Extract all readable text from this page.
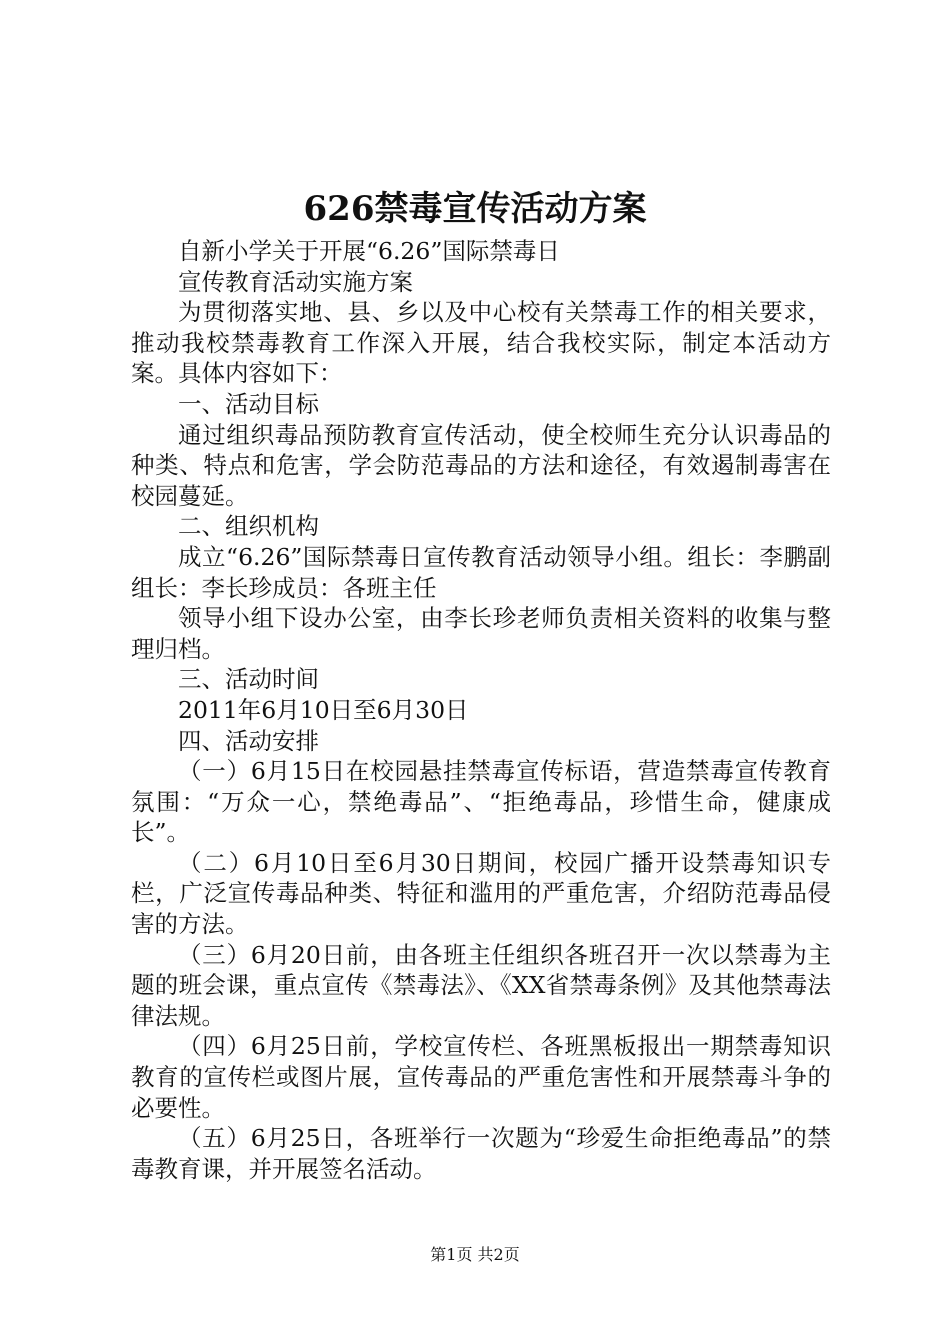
626禁毒宣传活动方案

自新小学关于开展“6.26”国际禁毒日

宣传教育活动实施方案

为贯彻落实地、县、乡以及中心校有关禁毒工作的相关要求，推动我校禁毒教育工作深入开展，结合我校实际，制定本活动方案。具体内容如下：

一、活动目标

通过组织毒品预防教育宣传活动，使全校师生充分认识毒品的种类、特点和危害，学会防范毒品的方法和途径，有效遏制毒害在校园蔓延。

二、组织机构

成立“6.26”国际禁毒日宣传教育活动领导小组。组长：李鹏副组长：李长珍成员：各班主任

领导小组下设办公室，由李长珍老师负责相关资料的收集与整理归档。

三、活动时间

2011年6月10日至6月30日

四、活动安排

（一）6月15日在校园悬挂禁毒宣传标语，营造禁毒宣传教育氛围：“万众一心，禁绝毒品”、“拒绝毒品，珍惜生命，健康成长”。

（二）6月10日至6月30日期间，校园广播开设禁毒知识专栏，广泛宣传毒品种类、特征和滥用的严重危害，介绍防范毒品侵害的方法。

（三）6月20日前，由各班主任组织各班召开一次以禁毒为主题的班会课，重点宣传《禁毒法》、《XX省禁毒条例》及其他禁毒法律法规。

（四）6月25日前，学校宣传栏、各班黑板报出一期禁毒知识教育的宣传栏或图片展，宣传毒品的严重危害性和开展禁毒斗争的必要性。

（五）6月25日，各班举行一次题为“珍爱生命拒绝毒品”的禁毒教育课，并开展签名活动。

第1页 共2页
